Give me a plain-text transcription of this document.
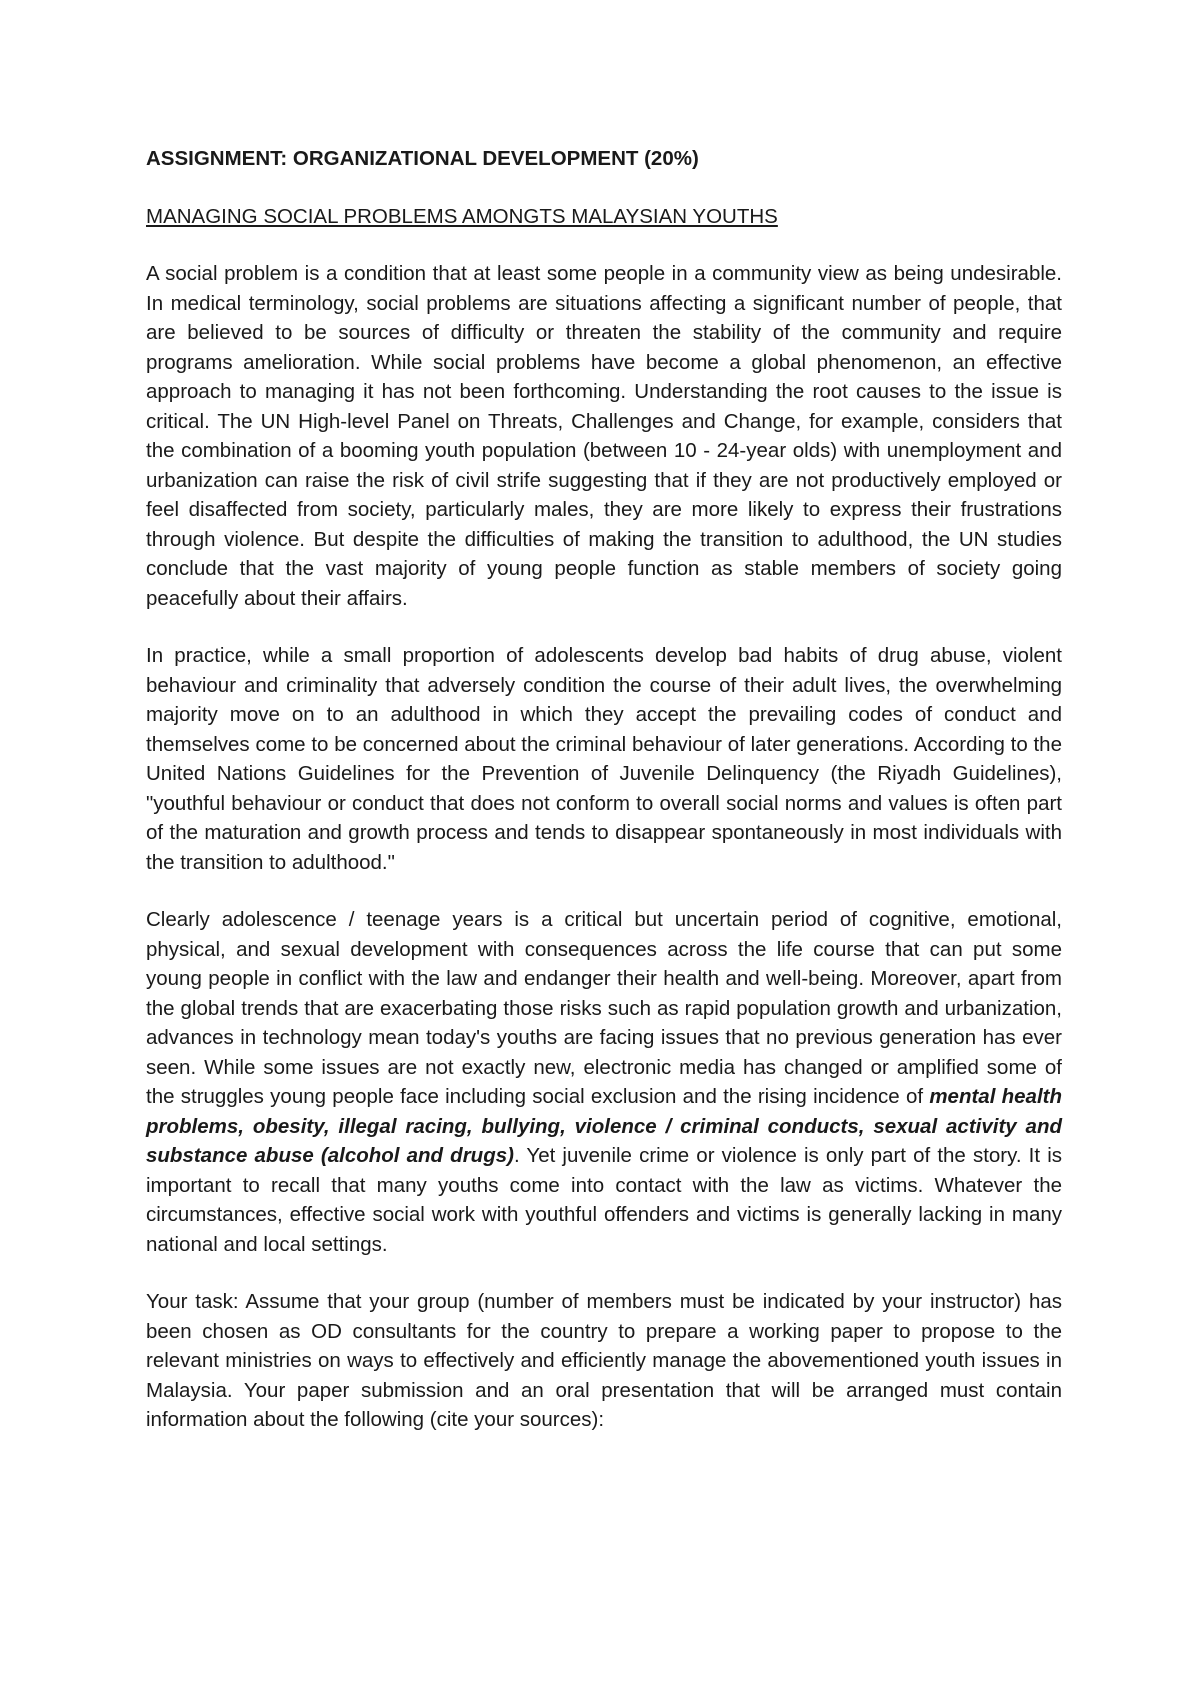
ASSIGNMENT: ORGANIZATIONAL DEVELOPMENT (20%)
MANAGING SOCIAL PROBLEMS AMONGTS MALAYSIAN YOUTHS

A social problem is a condition that at least some people in a community view as being undesirable. In medical terminology, social problems are situations affecting a significant number of people, that are believed to be sources of difficulty or threaten the stability of the community and require programs amelioration. While social problems have become a global phenomenon, an effective approach to managing it has not been forthcoming. Understanding the root causes to the issue is critical. The UN High-level Panel on Threats, Challenges and Change, for example, considers that the combination of a booming youth population (between 10 - 24-year olds) with unemployment and urbanization can raise the risk of civil strife suggesting that if they are not productively employed or feel disaffected from society, particularly males, they are more likely to express their frustrations through violence. But despite the difficulties of making the transition to adulthood, the UN studies conclude that the vast majority of young people function as stable members of society going peacefully about their affairs.

In practice, while a small proportion of adolescents develop bad habits of drug abuse, violent behaviour and criminality that adversely condition the course of their adult lives, the overwhelming majority move on to an adulthood in which they accept the prevailing codes of conduct and themselves come to be concerned about the criminal behaviour of later generations. According to the United Nations Guidelines for the Prevention of Juvenile Delinquency (the Riyadh Guidelines), "youthful behaviour or conduct that does not conform to overall social norms and values is often part of the maturation and growth process and tends to disappear spontaneously in most individuals with the transition to adulthood."

Clearly adolescence / teenage years is a critical but uncertain period of cognitive, emotional, physical, and sexual development with consequences across the life course that can put some young people in conflict with the law and endanger their health and well-being. Moreover, apart from the global trends that are exacerbating those risks such as rapid population growth and urbanization, advances in technology mean today's youths are facing issues that no previous generation has ever seen. While some issues are not exactly new, electronic media has changed or amplified some of the struggles young people face including social exclusion and the rising incidence of mental health problems, obesity, illegal racing, bullying, violence / criminal conducts, sexual activity and substance abuse (alcohol and drugs). Yet juvenile crime or violence is only part of the story. It is important to recall that many youths come into contact with the law as victims. Whatever the circumstances, effective social work with youthful offenders and victims is generally lacking in many national and local settings.

Your task: Assume that your group (number of members must be indicated by your instructor) has been chosen as OD consultants for the country to prepare a working paper to propose to the relevant ministries on ways to effectively and efficiently manage the abovementioned youth issues in Malaysia. Your paper submission and an oral presentation that will be arranged must contain information about the following (cite your sources):
